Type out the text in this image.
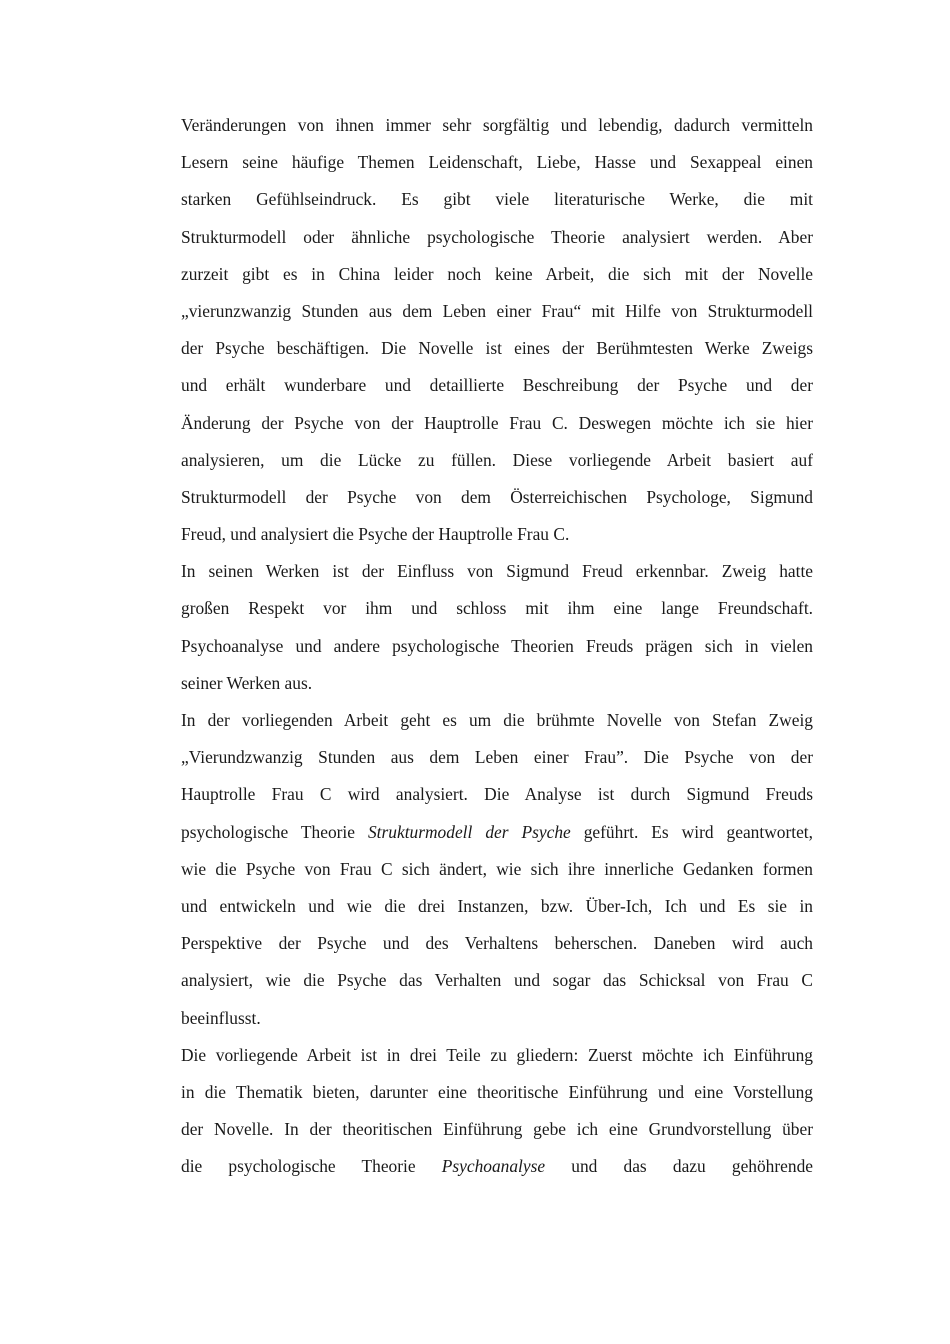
Veränderungen von ihnen immer sehr sorgfältig und lebendig, dadurch vermitteln
Lesern seine häufige Themen Leidenschaft, Liebe, Hasse und Sexappeal einen
starken Gefühlseindruck. Es gibt viele literaturische Werke, die mit
Strukturmodell oder ähnliche psychologische Theorie analysiert werden. Aber
zurzeit gibt es in China leider noch keine Arbeit, die sich mit der Novelle
„vierunzwanzig Stunden aus dem Leben einer Frau“ mit Hilfe von Strukturmodell
der Psyche beschäftigen. Die Novelle ist eines der Berühmtesten Werke Zweigs
und erhält wunderbare und detaillierte Beschreibung der Psyche und der
Änderung der Psyche von der Hauptrolle Frau C. Deswegen möchte ich sie hier
analysieren, um die Lücke zu füllen. Diese vorliegende Arbeit basiert auf
Strukturmodell der Psyche von dem Österreichischen Psychologe, Sigmund
Freud, und analysiert die Psyche der Hauptrolle Frau C.
In seinen Werken ist der Einfluss von Sigmund Freud erkennbar. Zweig hatte
großen Respekt vor ihm und schloss mit ihm eine lange Freundschaft.
Psychoanalyse und andere psychologische Theorien Freuds prägen sich in vielen
seiner Werken aus.
In der vorliegenden Arbeit geht es um die brühmte Novelle von Stefan Zweig
„Vierundzwanzig Stunden aus dem Leben einer Frau”. Die Psyche von der
Hauptrolle Frau C wird analysiert. Die Analyse ist durch Sigmund Freuds
psychologische Theorie Strukturmodell der Psyche geführt. Es wird geantwortet,
wie die Psyche von Frau C sich ändert, wie sich ihre innerliche Gedanken formen
und entwickeln und wie die drei Instanzen, bzw. Über-Ich, Ich und Es sie in
Perspektive der Psyche und des Verhaltens beherschen. Daneben wird auch
analysiert, wie die Psyche das Verhalten und sogar das Schicksal von Frau C
beeinflusst.
Die vorliegende Arbeit ist in drei Teile zu gliedern: Zuerst möchte ich Einführung
in die Thematik bieten, darunter eine theoritische Einführung und eine Vorstellung
der Novelle. In der theoritischen Einführung gebe ich eine Grundvorstellung über
die psychologische Theorie Psychoanalyse und das dazu gehöhrende
